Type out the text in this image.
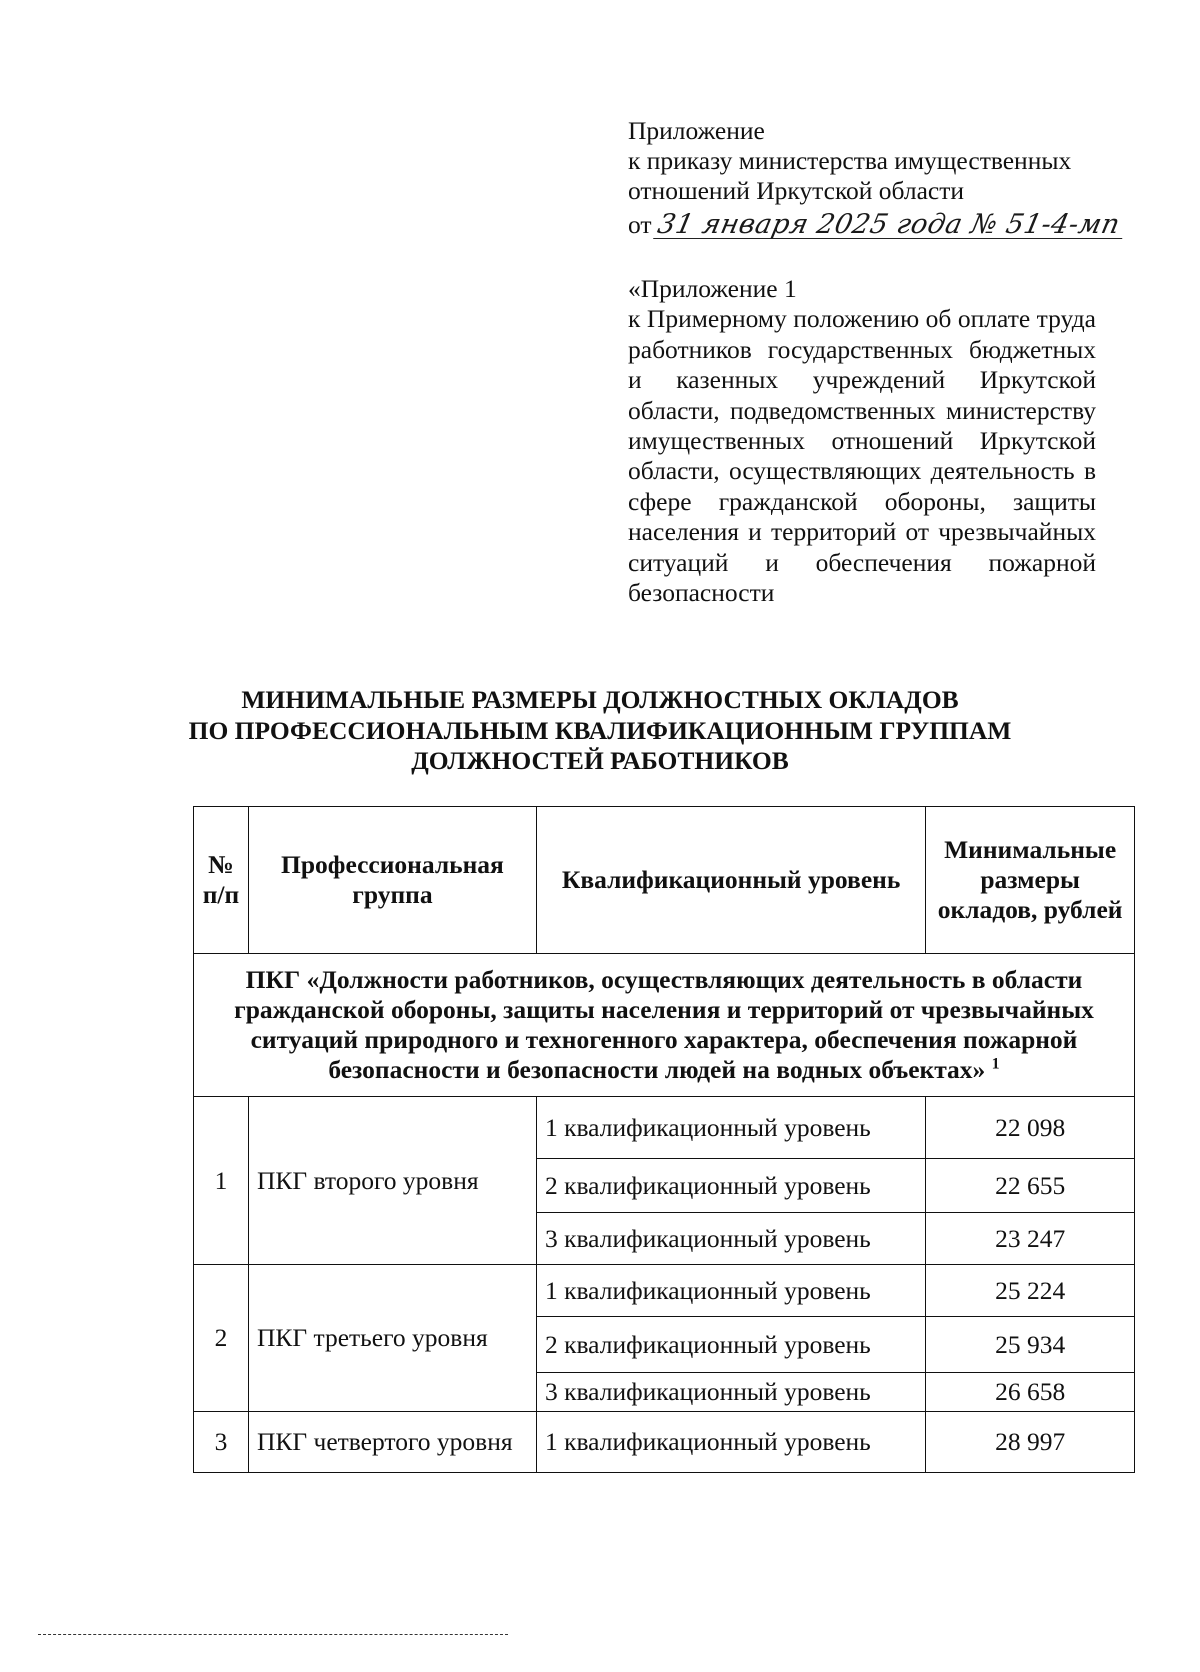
Приложение
к приказу министерства имущественных
отношений Иркутской области
от 31 января 2025 года № 51-4-мп
«Приложение 1
к Примерному положению об оплате труда работников государственных бюджетных и казенных учреждений Иркутской области, подведомственных министерству имущественных отношений Иркутской области, осуществляющих деятельность в сфере гражданской обороны, защиты населения и территорий от чрезвычайных ситуаций и обеспечения пожарной безопасности
МИНИМАЛЬНЫЕ РАЗМЕРЫ ДОЛЖНОСТНЫХ ОКЛАДОВ
ПО ПРОФЕССИОНАЛЬНЫМ КВАЛИФИКАЦИОННЫМ ГРУППАМ
ДОЛЖНОСТЕЙ РАБОТНИКОВ
№ п/п	Профессиональная группа	Квалификационный уровень	Минимальные размеры окладов, рублей
ПКГ «Должности работников, осуществляющих деятельность в области гражданской обороны, защиты населения и территорий от чрезвычайных ситуаций природного и техногенного характера, обеспечения пожарной безопасности и безопасности людей на водных объектах» $^1$
1	ПКГ второго уровня	1 квалификационный уровень	22 098
		2 квалификационный уровень	22 655
		3 квалификационный уровень	23 247
2	ПКГ третьего уровня	1 квалификационный уровень	25 224
		2 квалификационный уровень	25 934
		3 квалификационный уровень	26 658
3	ПКГ четвертого уровня	1 квалификационный уровень	28 997
